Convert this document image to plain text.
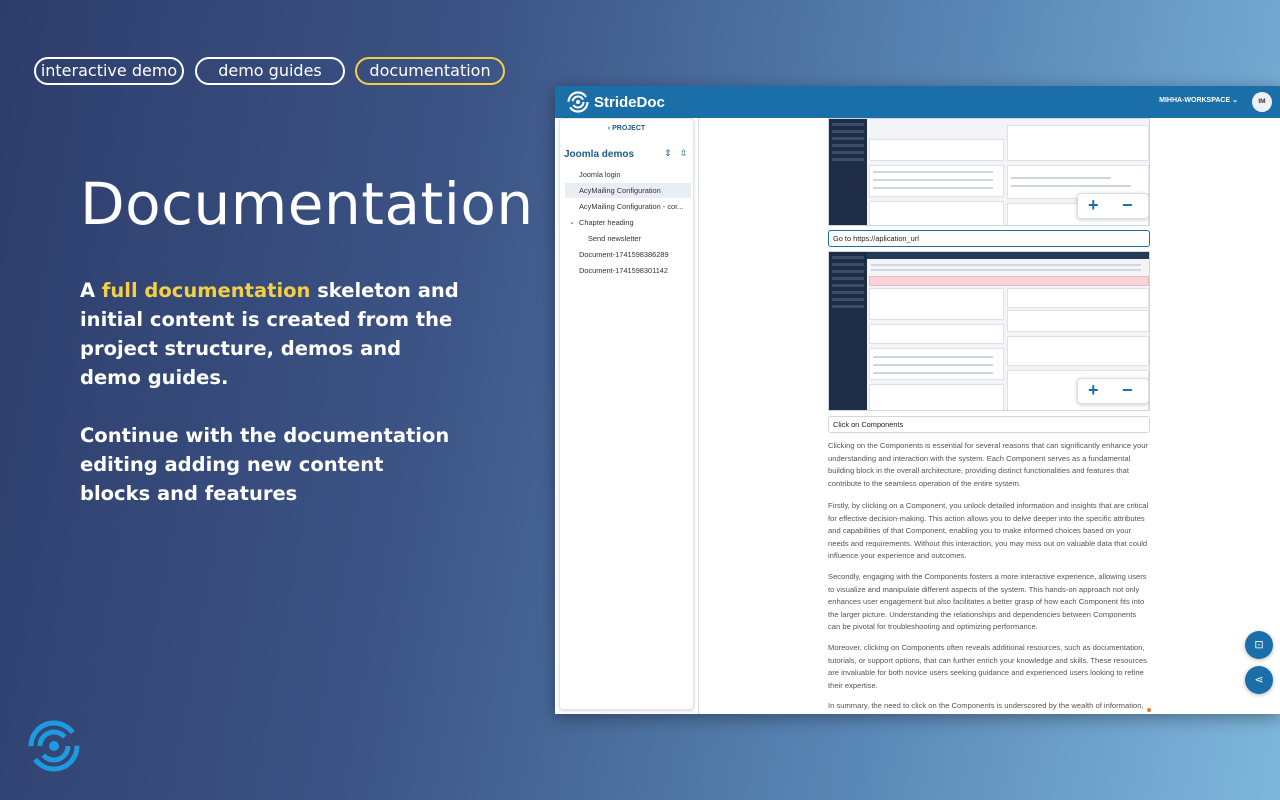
interactive demo	demo guides	documentation
Documentation

A full documentation skeleton and initial content is created from the project structure, demos and demo guides.

Continue with the documentation editing adding new content blocks and features

StrideDoc	MIHHA-WORKSPACE ⌄	IM
‹ PROJECT
Joomla demos	⇕ ⇳
Joomla login
AcyMailing Configuration
AcyMailing Configuration - cor...
⌄ Chapter heading
Send newsletter
Document-1741598386289
Document-1741598301142
+ −
Go to https://aplication_url
+ −
Click on Components

Clicking on the Components is essential for several reasons that can significantly enhance your understanding and interaction with the system. Each Component serves as a fundamental building block in the overall architecture, providing distinct functionalities and features that contribute to the seamless operation of the entire system.

Firstly, by clicking on a Component, you unlock detailed information and insights that are critical for effective decision-making. This action allows you to delve deeper into the specific attributes and capabilities of that Component, enabling you to make informed choices based on your needs and requirements. Without this interaction, you may miss out on valuable data that could influence your experience and outcomes.

Secondly, engaging with the Components fosters a more interactive experience, allowing users to visualize and manipulate different aspects of the system. This hands-on approach not only enhances user engagement but also facilitates a better grasp of how each Component fits into the larger picture. Understanding the relationships and dependencies between Components can be pivotal for troubleshooting and optimizing performance.

Moreover, clicking on Components often reveals additional resources, such as documentation, tutorials, or support options, that can further enrich your knowledge and skills. These resources are invaluable for both novice users seeking guidance and experienced users looking to refine their expertise.

In summary, the need to click on the Components is underscored by the wealth of information,

⊡
⋖
